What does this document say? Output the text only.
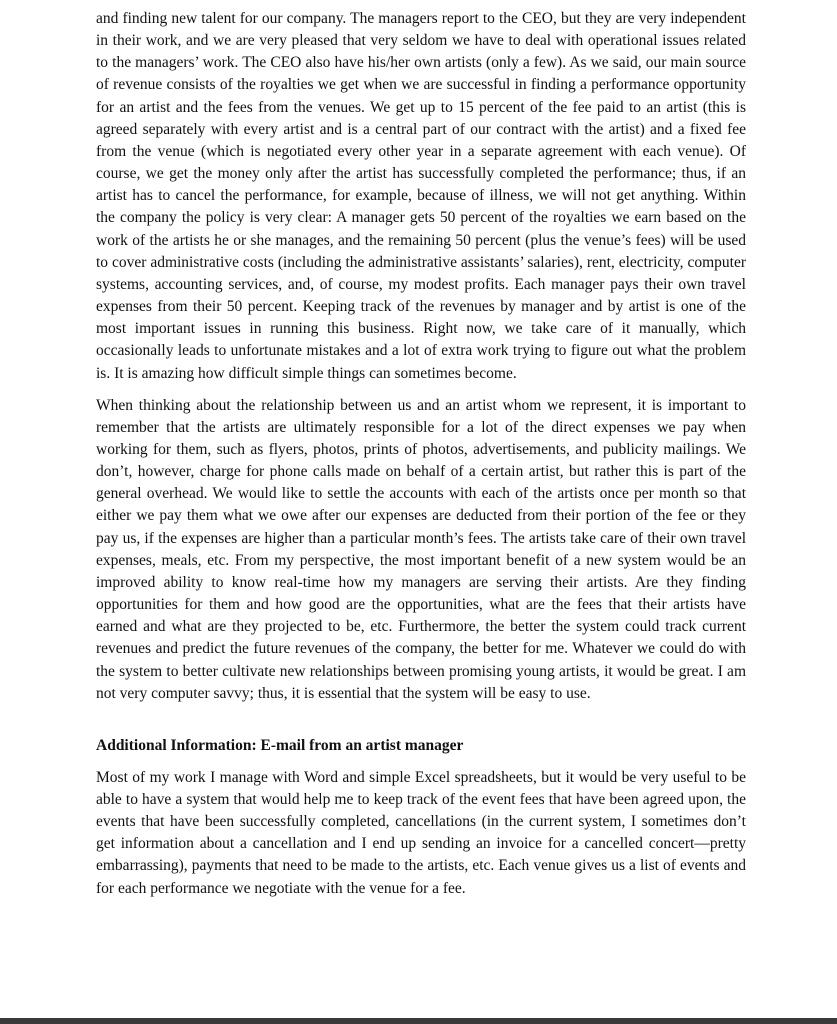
and finding new talent for our company. The managers report to the CEO, but they are very independent in their work, and we are very pleased that very seldom we have to deal with operational issues related to the managers’ work. The CEO also have his/her own artists (only a few). As we said, our main source of revenue consists of the royalties we get when we are successful in finding a performance opportunity for an artist and the fees from the venues. We get up to 15 percent of the fee paid to an artist (this is agreed separately with every artist and is a central part of our contract with the artist) and a fixed fee from the venue (which is negotiated every other year in a separate agreement with each venue). Of course, we get the money only after the artist has successfully completed the performance; thus, if an artist has to cancel the performance, for example, because of illness, we will not get anything. Within the company the policy is very clear: A manager gets 50 percent of the royalties we earn based on the work of the artists he or she manages, and the remaining 50 percent (plus the venue’s fees) will be used to cover administrative costs (including the administrative assistants’ salaries), rent, electricity, computer systems, accounting services, and, of course, my modest profits. Each manager pays their own travel expenses from their 50 percent. Keeping track of the revenues by manager and by artist is one of the most important issues in running this business. Right now, we take care of it manually, which occasionally leads to unfortunate mistakes and a lot of extra work trying to figure out what the problem is. It is amazing how difficult simple things can sometimes become.

When thinking about the relationship between us and an artist whom we represent, it is important to remember that the artists are ultimately responsible for a lot of the direct expenses we pay when working for them, such as flyers, photos, prints of photos, advertisements, and publicity mailings. We don’t, however, charge for phone calls made on behalf of a certain artist, but rather this is part of the general overhead. We would like to settle the accounts with each of the artists once per month so that either we pay them what we owe after our expenses are deducted from their portion of the fee or they pay us, if the expenses are higher than a particular month’s fees. The artists take care of their own travel expenses, meals, etc. From my perspective, the most important benefit of a new system would be an improved ability to know real-time how my managers are serving their artists. Are they finding opportunities for them and how good are the opportunities, what are the fees that their artists have earned and what are they projected to be, etc. Furthermore, the better the system could track current revenues and predict the future revenues of the company, the better for me. Whatever we could do with the system to better cultivate new relationships between promising young artists, it would be great. I am not very computer savvy; thus, it is essential that the system will be easy to use.

Additional Information: E-mail from an artist manager

Most of my work I manage with Word and simple Excel spreadsheets, but it would be very useful to be able to have a system that would help me to keep track of the event fees that have been agreed upon, the events that have been successfully completed, cancellations (in the current system, I sometimes don’t get information about a cancellation and I end up sending an invoice for a cancelled concert—pretty embarrassing), payments that need to be made to the artists, etc. Each venue gives us a list of events and for each performance we negotiate with the venue for a fee.
